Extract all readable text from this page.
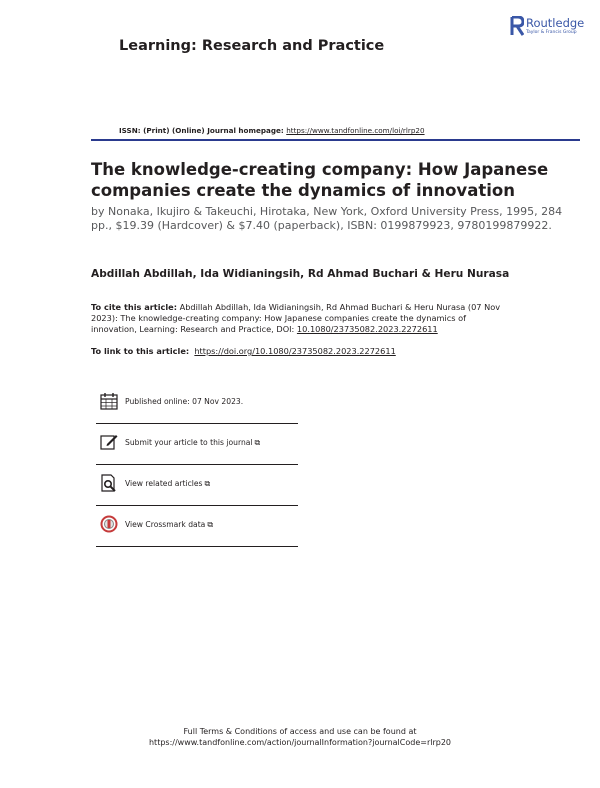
Learning: Research and Practice
Routledge
Taylor & Francis Group
ISSN: (Print) (Online) Journal homepage: https://www.tandfonline.com/loi/rlrp20
The knowledge-creating company: How Japanese companies create the dynamics of innovation

by Nonaka, Ikujiro & Takeuchi, Hirotaka, New York, Oxford University Press, 1995, 284 pp., $19.39 (Hardcover) & $7.40 (paperback), ISBN: 0199879923, 9780199879922.

Abdillah Abdillah, Ida Widianingsih, Rd Ahmad Buchari & Heru Nurasa

To cite this article: Abdillah Abdillah, Ida Widianingsih, Rd Ahmad Buchari & Heru Nurasa (07 Nov 2023): The knowledge-creating company: How Japanese companies create the dynamics of innovation, Learning: Research and Practice, DOI: 10.1080/23735082.2023.2272611

To link to this article: https://doi.org/10.1080/23735082.2023.2272611
Published online: 07 Nov 2023.
Submit your article to this journal ⧉
View related articles ⧉
View Crossmark data ⧉
Full Terms & Conditions of access and use can be found at
https://www.tandfonline.com/action/journalInformation?journalCode=rlrp20
